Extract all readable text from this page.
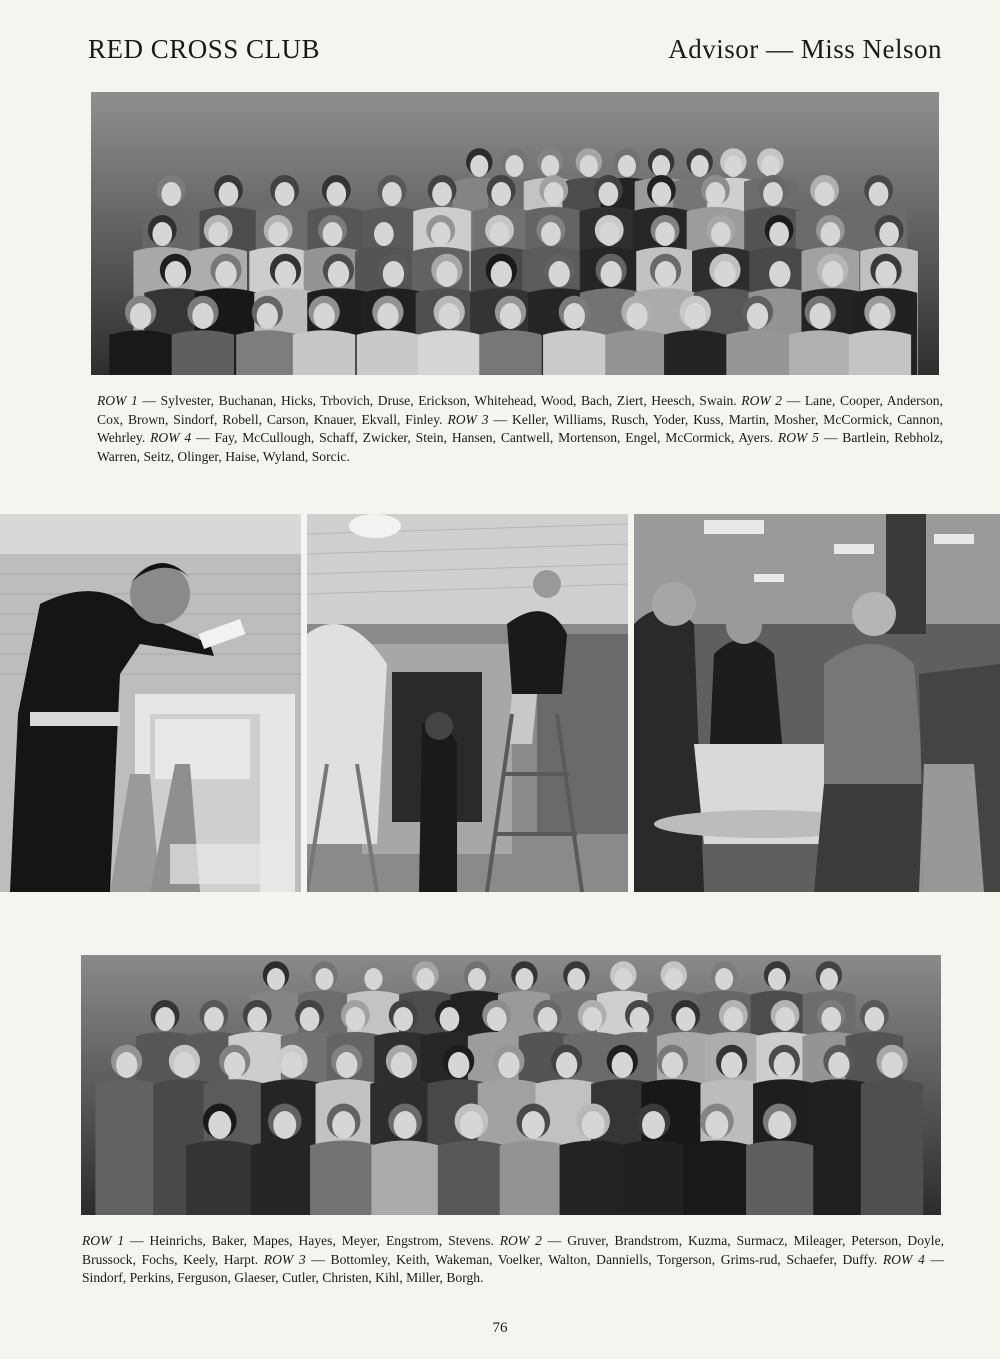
RED CROSS CLUB	Advisor — Miss Nelson
ROW 1 — Sylvester, Buchanan, Hicks, Trbovich, Druse, Erickson, Whitehead, Wood, Bach, Ziert, Heesch, Swain. ROW 2 — Lane, Cooper, Anderson, Cox, Brown, Sindorf, Robell, Carson, Knauer, Ekvall, Finley. ROW 3 — Keller, Williams, Rusch, Yoder, Kuss, Martin, Mosher, McCormick, Cannon, Wehrley. ROW 4 — Fay, McCullough, Schaff, Zwicker, Stein, Hansen, Cantwell, Mortenson, Engel, McCormick, Ayers. ROW 5 — Bartlein, Rebholz, Warren, Seitz, Olinger, Haise, Wyland, Sorcic.
ROW 1 — Heinrichs, Baker, Mapes, Hayes, Meyer, Engstrom, Stevens. ROW 2 — Gruver, Brandstrom, Kuzma, Surmacz, Mileager, Peterson, Doyle, Brussock, Fochs, Keely, Harpt. ROW 3 — Bottomley, Keith, Wakeman, Voelker, Walton, Danniells, Torgerson, Grims-rud, Schaefer, Duffy. ROW 4 — Sindorf, Perkins, Ferguson, Glaeser, Cutler, Christen, Kihl, Miller, Borgh.
76
